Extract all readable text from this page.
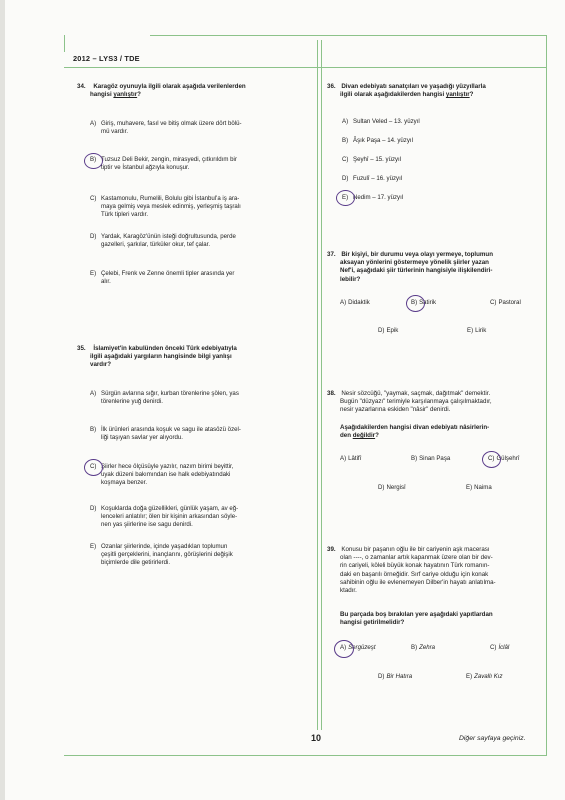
2012 – LYS3 / TDE
34. Karagöz oyunuyla ilgili olarak aşağıda verilenlerden
hangisi yanlıştır?
A) Giriş, muhavere, fasıl ve bitiş olmak üzere dört bölü-
mü vardır.
B) Tuzsuz Deli Bekir, zengin, mirasyedi, çıtkırıldım bir
tiptir ve İstanbul ağzıyla konuşur.
C) Kastamonulu, Rumelili, Bolulu gibi İstanbul'a iş ara-
maya gelmiş veya meslek edinmiş, yerleşmiş taşralı
Türk tipleri vardır.
D) Yardak, Karagöz'ünün isteği doğrultusunda, perde
gazelleri, şarkılar, türküler okur, tef çalar.
E) Çelebi, Frenk ve Zenne önemli tipler arasında yer
alır.
35. İslamiyet'in kabulünden önceki Türk edebiyatıyla
ilgili aşağıdaki yargıların hangisinde bilgi yanlışı
vardır?
A) Sürgün avlarına sığır, kurban törenlerine şölen, yas
törenlerine yuğ denirdi.
B) İlk ürünleri arasında koşuk ve sagu ile atasözü özel-
liği taşıyan savlar yer alıyordu.
C) Şiirler hece ölçüsüyle yazılır, nazım birimi beyittir,
uyak düzeni bakımından ise halk edebiyatındaki
koşmaya benzer.
D) Koşuklarda doğa güzellikleri, günlük yaşam, av eğ-
lenceleri anlatılır; ölen bir kişinin arkasından söyle-
nen yas şiirlerine ise sagu denirdi.
E) Ozanlar şiirlerinde, içinde yaşadıkları toplumun
çeşitli gerçeklerini, inançlarını, görüşlerini değişik
biçimlerde dile getirirlerdi.
36. Divan edebiyatı sanatçıları ve yaşadığı yüzyıllarla
ilgili olarak aşağıdakilerden hangisi yanlıştır?
A) Sultan Veled – 13. yüzyıl
B) Âşık Paşa – 14. yüzyıl
C) Şeyhî – 15. yüzyıl
D) Fuzulî – 16. yüzyıl
E) Nedim – 17. yüzyıl
37. Bir kişiyi, bir durumu veya olayı yermeye, toplumun
aksayan yönlerini göstermeye yönelik şiirler yazan
Nef'i, aşağıdaki şiir türlerinin hangisiyle ilişkilendiri-
lebilir?
A) Didaktik	B) Satirik	C) Pastoral
D) Epik	E) Lirik
38. Nesir sözcüğü, "yaymak, saçmak, dağıtmak" demektir.
Bugün "düzyazı" terimiyle karşılanmaya çalışılmaktadır,
nesir yazarlarına eskiden "nâsir" denirdi.
Aşağıdakilerden hangisi divan edebiyatı nâsirlerin-
den değildir?
A) Lâtifî	B) Sinan Paşa	C) Gülşehrî
D) Nergisî	E) Naima
39. Konusu bir paşanın oğlu ile bir cariyenin aşk macerası
olan ----, o zamanlar artık kapanmak üzere olan bir dev-
rin cariyeli, köleli büyük konak hayatının Türk romanın-
daki en başarılı örneğidir. Sırf cariye olduğu için konak
sahibinin oğlu ile evlenemeyen Dilber'in hayatı anlatılma-
ktadır.
Bu parçada boş bırakılan yere aşağıdaki yapıtlardan
hangisi getirilmelidir?
A) Sergüzeşt	B) Zehra	C) İclâl
D) Bir Hatıra	E) Zavallı Kız
10	Diğer sayfaya geçiniz.
